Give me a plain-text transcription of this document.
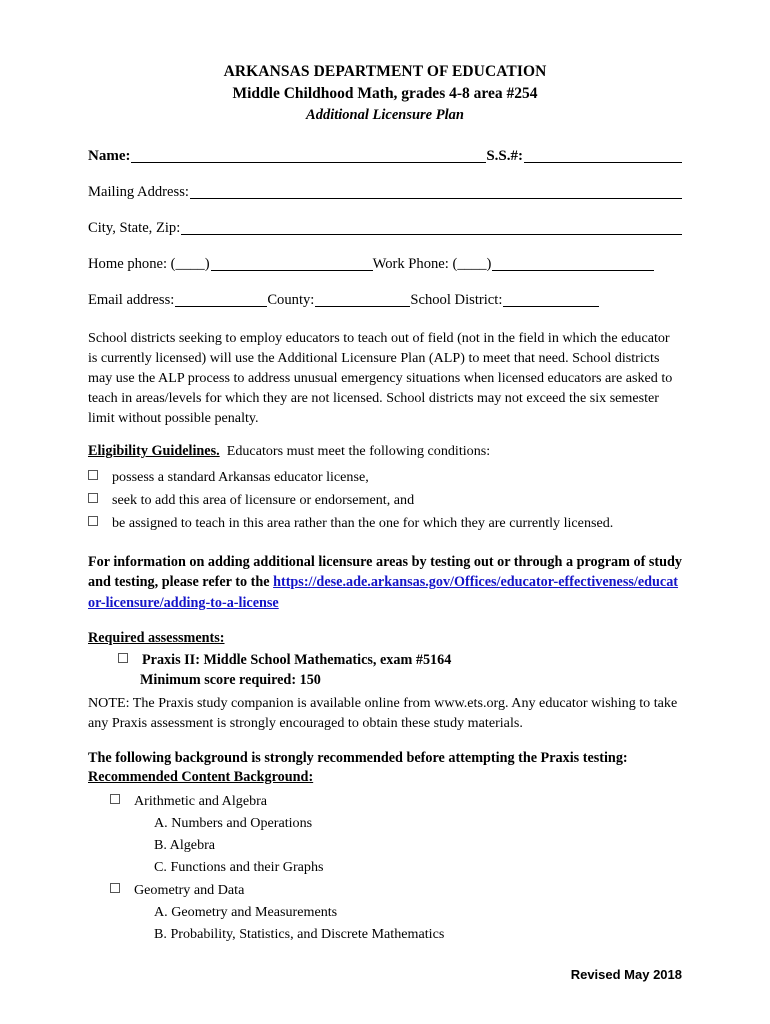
ARKANSAS DEPARTMENT OF EDUCATION
Middle Childhood Math, grades 4-8 area #254
Additional Licensure Plan
Name:	S.S.#:
Mailing Address:
City, State, Zip:
Home phone: (____)	Work Phone: (____)
Email address:	County:	School District:
School districts seeking to employ educators to teach out of field (not in the field in which the educator is currently licensed) will use the Additional Licensure Plan (ALP) to meet that need. School districts may use the ALP process to address unusual emergency situations when licensed educators are asked to teach in areas/levels for which they are not licensed. School districts may not exceed the six semester limit without possible penalty.
Eligibility Guidelines. Educators must meet the following conditions:
possess a standard Arkansas educator license,
seek to add this area of licensure or endorsement, and
be assigned to teach in this area rather than the one for which they are currently licensed.
For information on adding additional licensure areas by testing out or through a program of study and testing, please refer to the https://dese.ade.arkansas.gov/Offices/educator-effectiveness/educator-licensure/adding-to-a-license
Required assessments:
Praxis II: Middle School Mathematics, exam #5164
Minimum score required: 150
NOTE: The Praxis study companion is available online from www.ets.org. Any educator wishing to take any Praxis assessment is strongly encouraged to obtain these study materials.
The following background is strongly recommended before attempting the Praxis testing:
Recommended Content Background:
Arithmetic and Algebra
A. Numbers and Operations
B. Algebra
C. Functions and their Graphs
Geometry and Data
A. Geometry and Measurements
B. Probability, Statistics, and Discrete Mathematics
Revised May 2018
